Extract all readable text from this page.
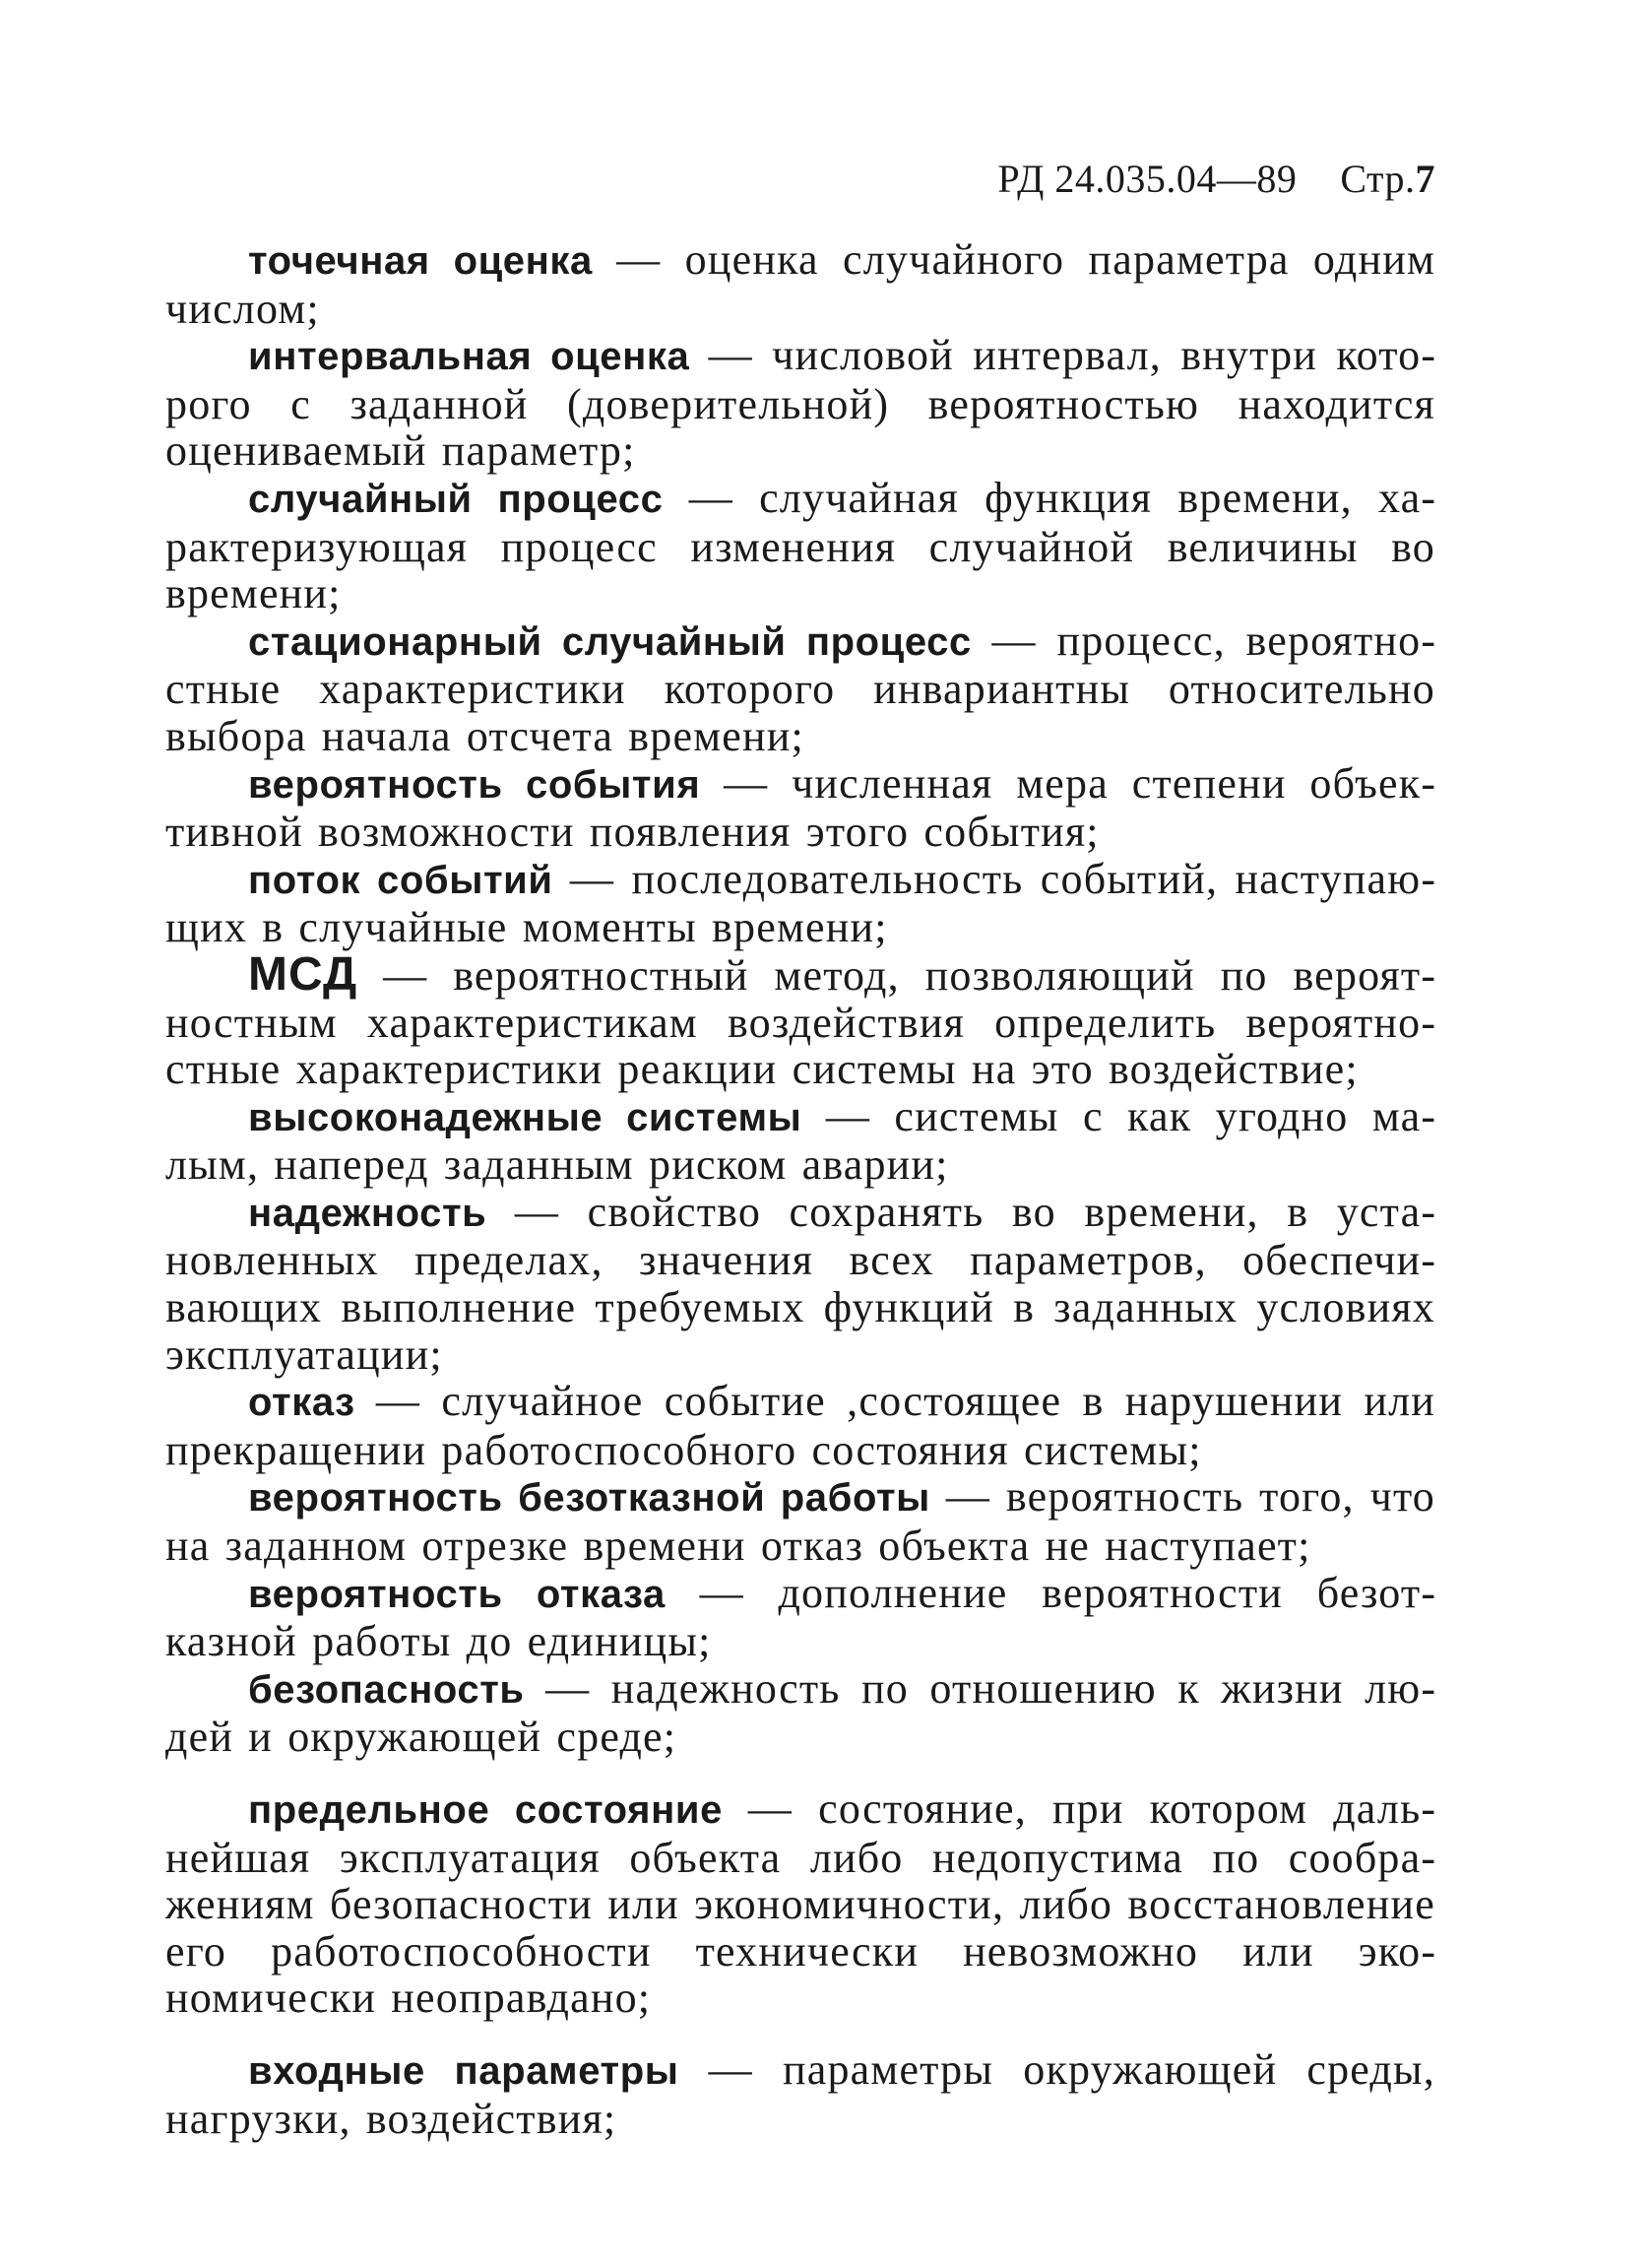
РД 24.035.04—89 Стр.7

точечная оценка — оценка случайного параметра одним числом;

интервальная оценка — числовой интервал, внутри которого с заданной (доверительной) вероятностью находится оцениваемый параметр;

случайный процесс — случайная функция времени, характеризующая процесс изменения случайной величины во времени;

стационарный случайный процесс — процесс, вероятностные характеристики которого инвариантны относительно выбора начала отсчета времени;

вероятность события — численная мера степени объективной возможности появления этого события;

поток событий — последовательность событий, наступающих в случайные моменты времени;

МСД — вероятностный метод, позволяющий по вероятностным характеристикам воздействия определить вероятностные характеристики реакции системы на это воздействие;

высоконадежные системы — системы с как угодно малым, наперед заданным риском аварии;

надежность — свойство сохранять во времени, в установленных пределах, значения всех параметров, обеспечивающих выполнение требуемых функций в заданных условиях эксплуатации;

отказ — случайное событие ,состоящее в нарушении или прекращении работоспособного состояния системы;

вероятность безотказной работы — вероятность того, что на заданном отрезке времени отказ объекта не наступает;

вероятность отказа — дополнение вероятности безотказной работы до единицы;

безопасность — надежность по отношению к жизни людей и окружающей среде;

предельное состояние — состояние, при котором дальнейшая эксплуатация объекта либо недопустима по соображениям безопасности или экономичности, либо восстановление его работоспособности технически невозможно или экономически неоправдано;

входные параметры — параметры окружающей среды, нагрузки, воздействия;
